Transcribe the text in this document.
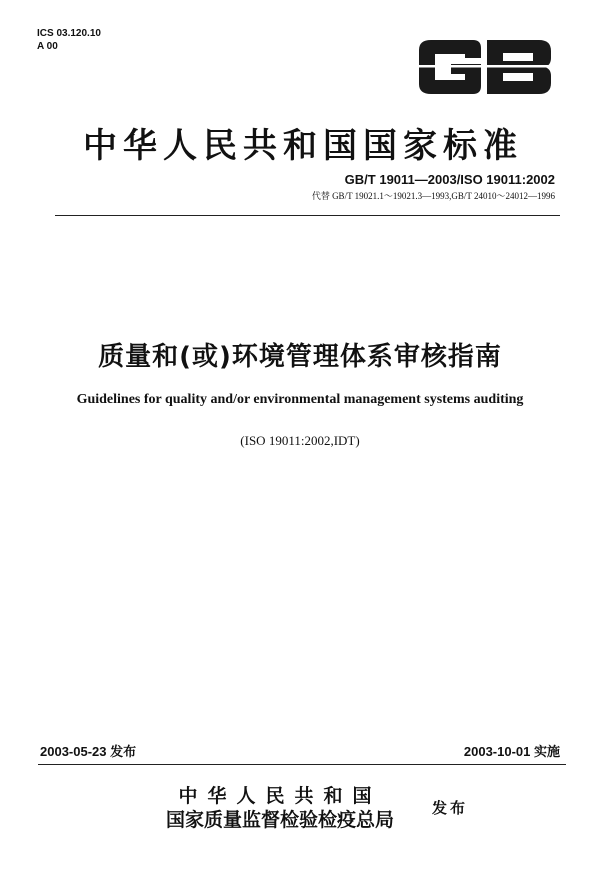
ICS 03.120.10
A 00
GB
中华人民共和国国家标准
GB/T 19011—2003/ISO 19011:2002
代替 GB/T 19021.1～19021.3—1993,GB/T 24010～24012—1996
质量和(或)环境管理体系审核指南
Guidelines for quality and/or environmental management systems auditing
(ISO 19011:2002,IDT)
2003-05-23 发布	2003-10-01 实施
中华人民共和国
国家质量监督检验检疫总局
发布
